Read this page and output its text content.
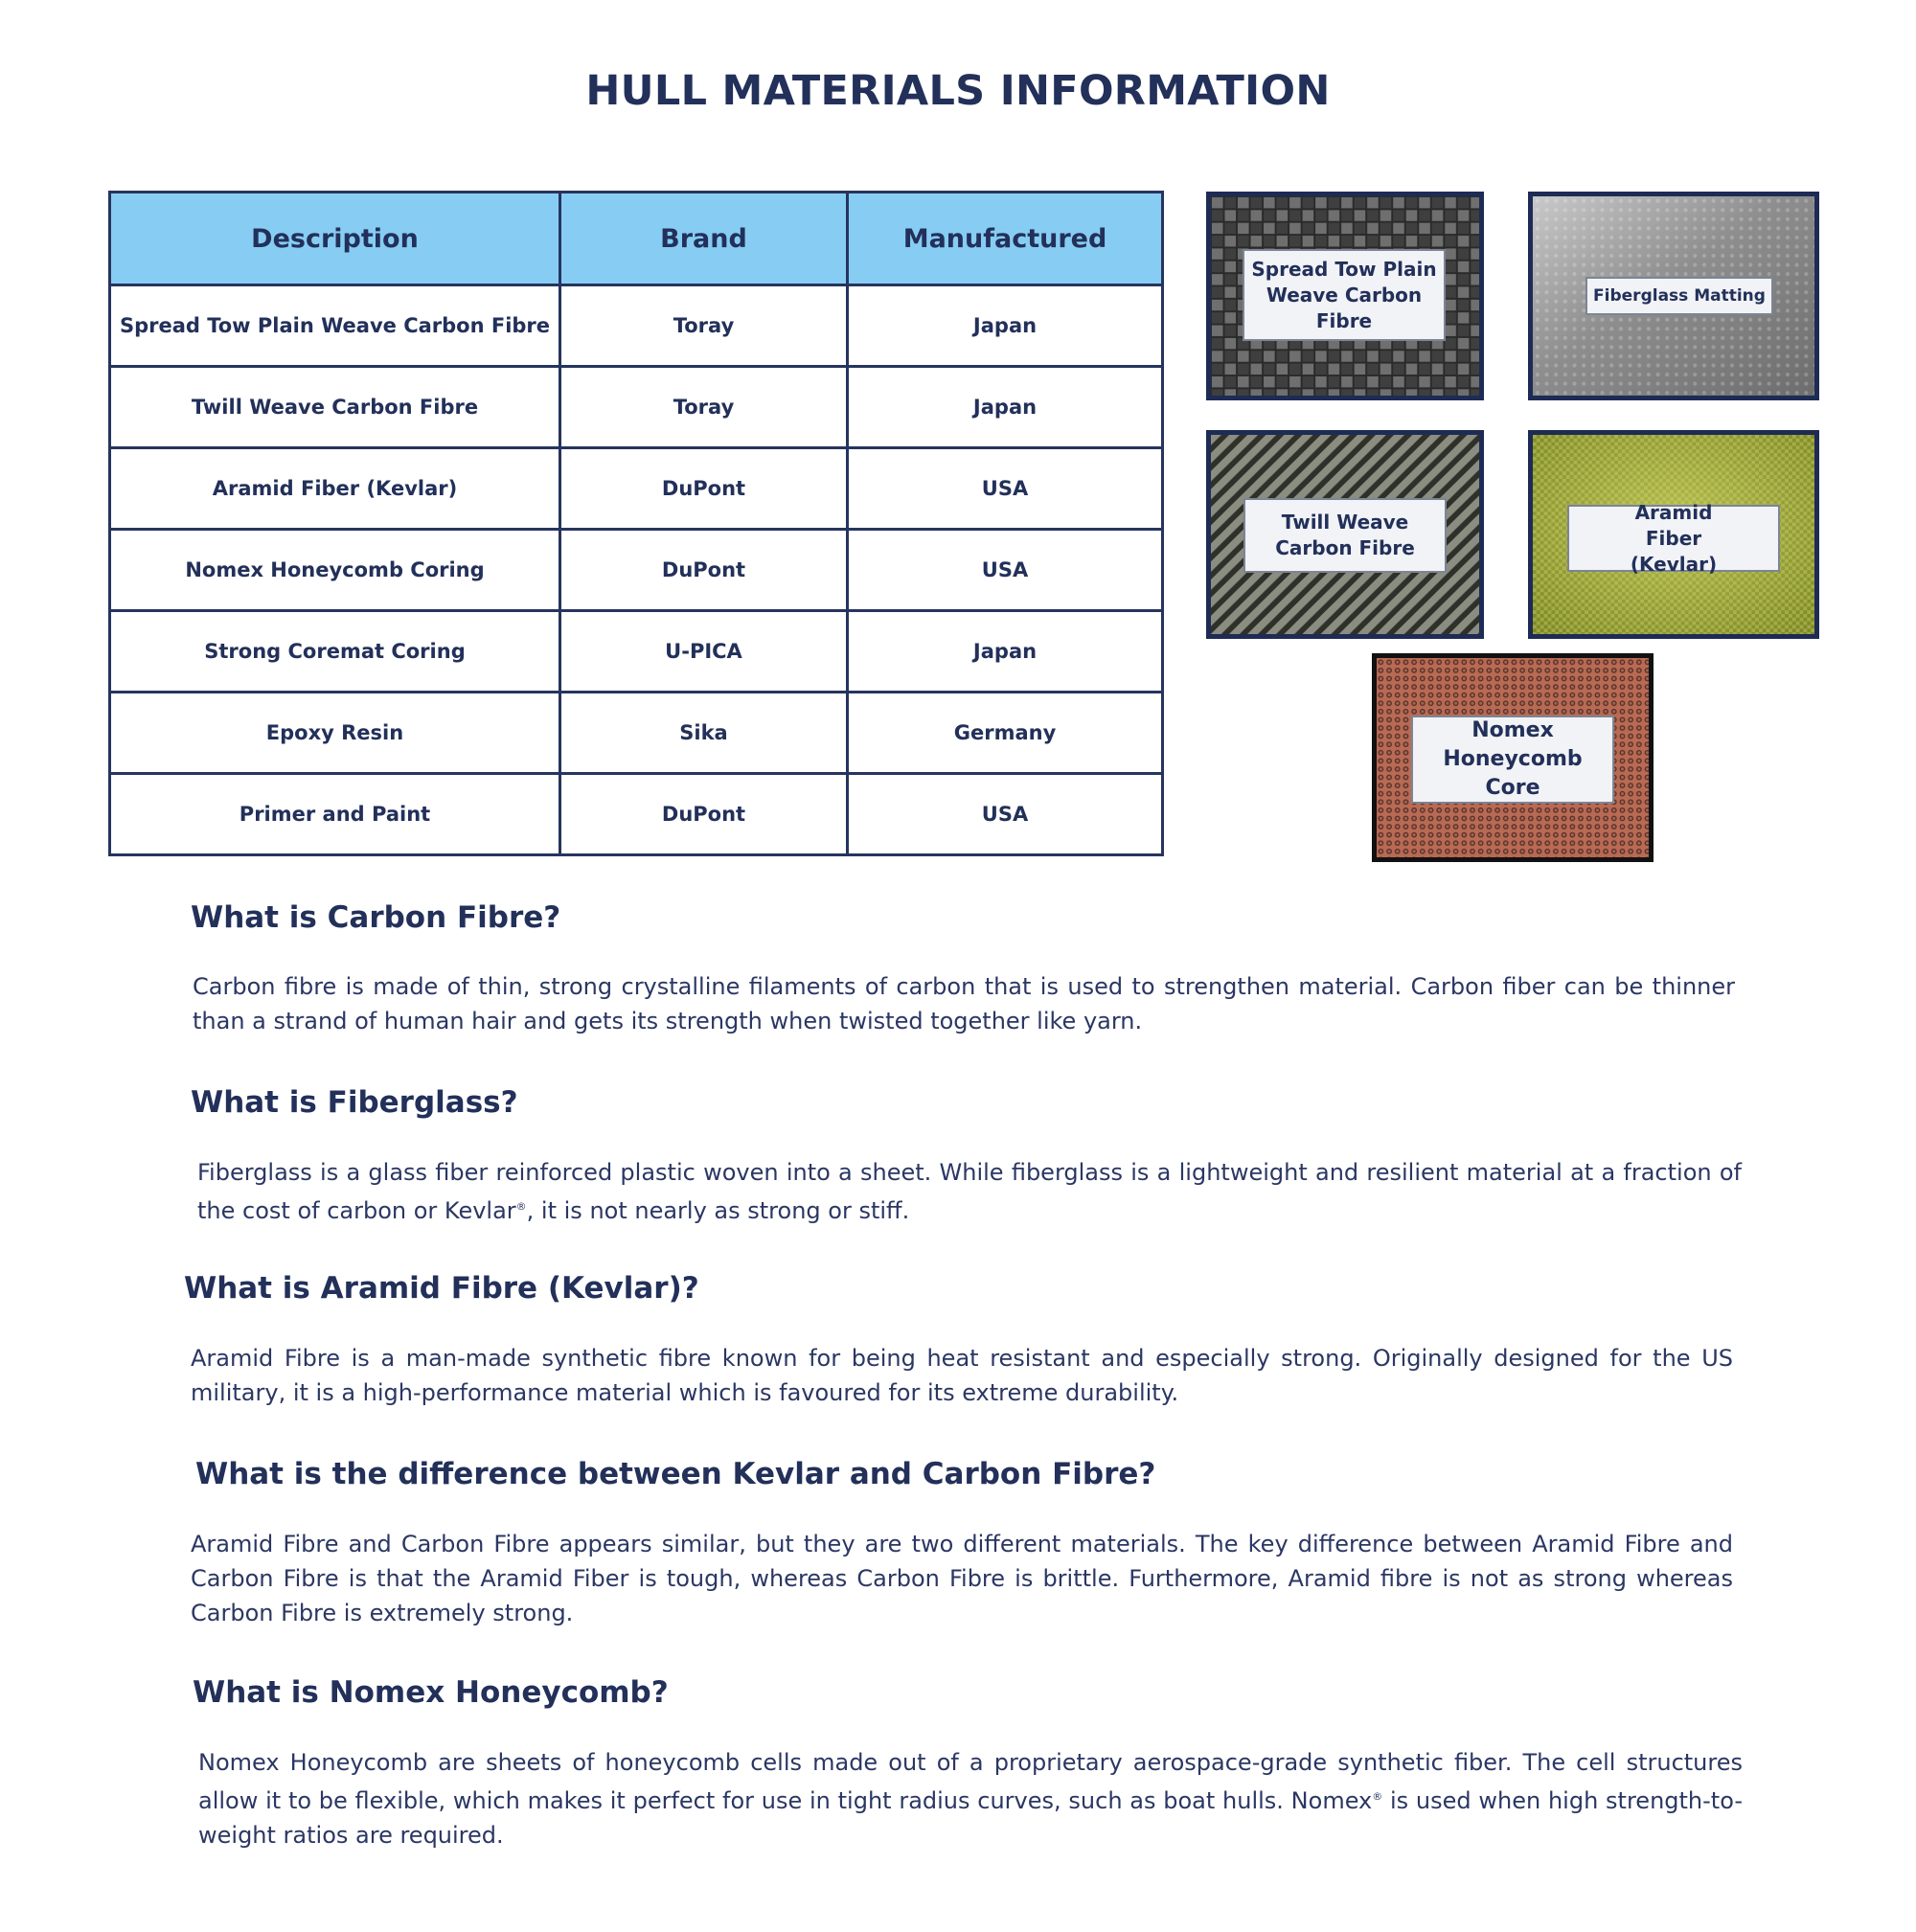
HULL MATERIALS INFORMATION
Description	Brand	Manufactured
Spread Tow Plain Weave Carbon Fibre	Toray	Japan
Twill Weave Carbon Fibre	Toray	Japan
Aramid Fiber (Kevlar)	DuPont	USA
Nomex Honeycomb Coring	DuPont	USA
Strong Coremat Coring	U-PICA	Japan
Epoxy Resin	Sika	Germany
Primer and Paint	DuPont	USA
Spread Tow Plain Weave Carbon Fibre
Fiberglass Matting
Twill Weave Carbon Fibre
Aramid Fiber (Kevlar)
Nomex Honeycomb Core
What is Carbon Fibre?

Carbon fibre is made of thin, strong crystalline filaments of carbon that is used to strengthen material. Carbon fiber can be thinner than a strand of human hair and gets its strength when twisted together like yarn.

What is Fiberglass?

Fiberglass is a glass fiber reinforced plastic woven into a sheet. While fiberglass is a lightweight and resilient material at a fraction of the cost of carbon or Kevlar®, it is not nearly as strong or stiff.

What is Aramid Fibre (Kevlar)?

Aramid Fibre is a man-made synthetic fibre known for being heat resistant and especially strong. Originally designed for the US military, it is a high-performance material which is favoured for its extreme durability.

What is the difference between Kevlar and Carbon Fibre?

Aramid Fibre and Carbon Fibre appears similar, but they are two different materials. The key difference between Aramid Fibre and Carbon Fibre is that the Aramid Fiber is tough, whereas Carbon Fibre is brittle. Furthermore, Aramid fibre is not as strong whereas Carbon Fibre is extremely strong.

What is Nomex Honeycomb?

Nomex Honeycomb are sheets of honeycomb cells made out of a proprietary aerospace-grade synthetic fiber. The cell structures allow it to be flexible, which makes it perfect for use in tight radius curves, such as boat hulls. Nomex® is used when high strength-to-weight ratios are required.
